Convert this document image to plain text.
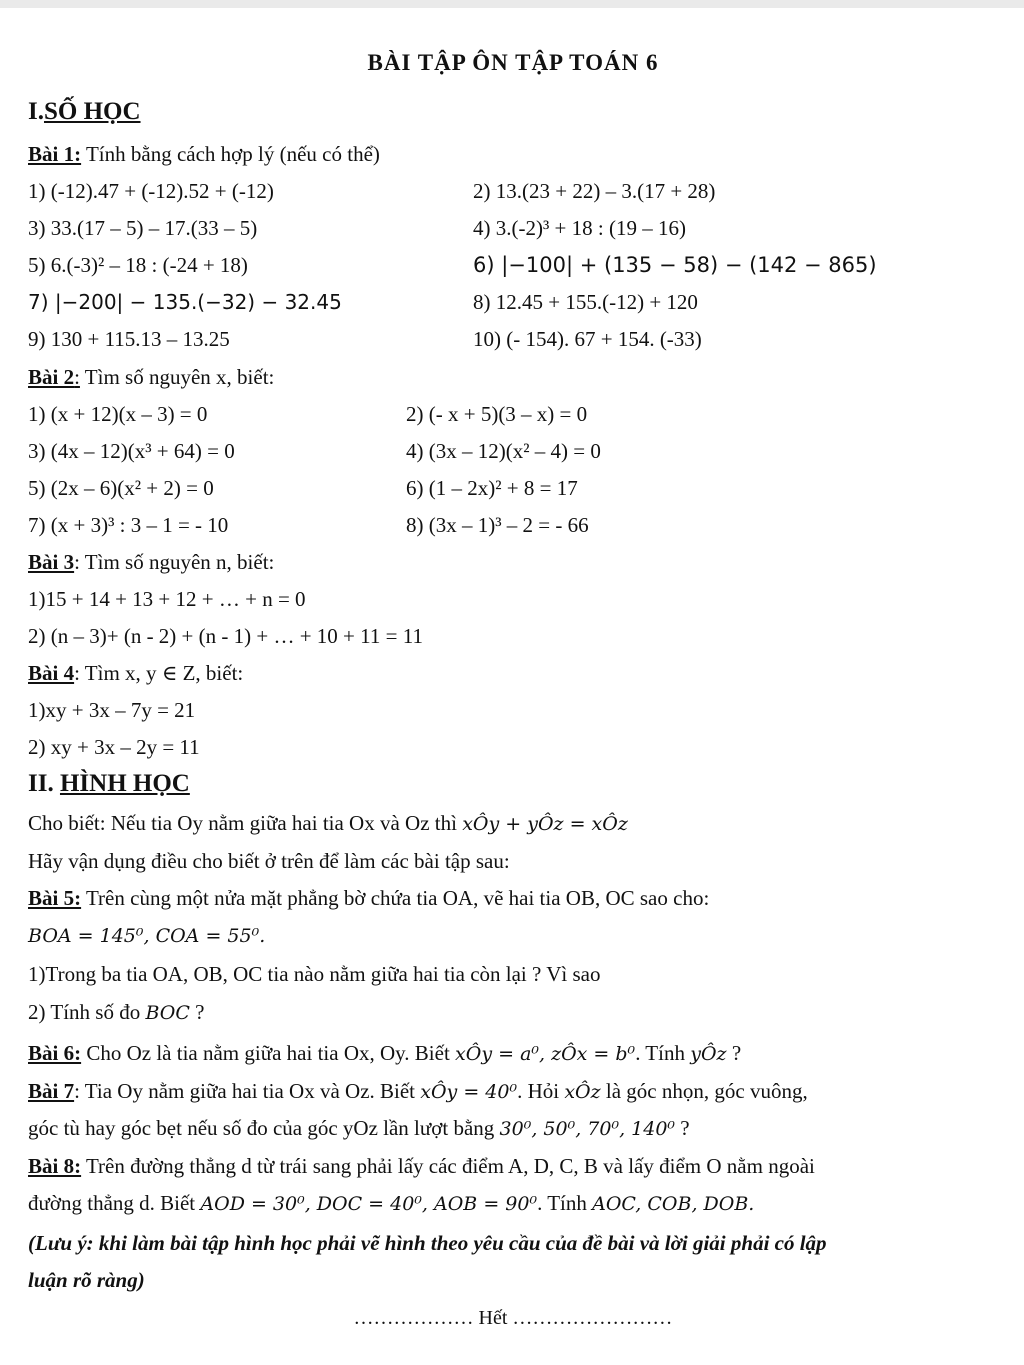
BÀI TẬP ÔN TẬP TOÁN 6
I.SỐ HỌC
Bài 1: Tính bằng cách hợp lý (nếu có thể)
1) (-12).47 + (-12).52 + (-12)	2) 13.(23 + 22) – 3.(17 + 28)
3) 33.(17 – 5) – 17.(33 – 5)	4) 3.(-2)³ + 18 : (19 – 16)
5) 6.(-3)² – 18 : (-24 + 18)	6) |−100| + (135 − 58) − (142 − 865)
7) |−200| − 135.(−32) − 32.45	8) 12.45 + 155.(-12) + 120
9) 130 + 115.13 – 13.25	10) (- 154). 67 + 154. (-33)
Bài 2: Tìm số nguyên x, biết:
1) (x + 12)(x – 3) = 0	2) (- x + 5)(3 – x) = 0
3) (4x – 12)(x³ + 64) = 0	4) (3x – 12)(x² – 4) = 0
5) (2x – 6)(x² + 2) = 0	6) (1 – 2x)² + 8 = 17
7) (x + 3)³ : 3 – 1 = - 10	8) (3x – 1)³ – 2 = - 66
Bài 3: Tìm số nguyên n, biết:
1)15 + 14 + 13 + 12 + … + n = 0
2) (n – 3)+ (n - 2) + (n - 1) + … + 10 + 11 = 11
Bài 4: Tìm x, y ∈ Z, biết:
1)xy + 3x – 7y = 21
2) xy + 3x – 2y = 11
II. HÌNH HỌC
Cho biết: Nếu tia Oy nằm giữa hai tia Ox và Oz thì xÔy + yÔz = xÔz
Hãy vận dụng điều cho biết ở trên để làm các bài tập sau:
Bài 5: Trên cùng một nửa mặt phẳng bờ chứa tia OA, vẽ hai tia OB, OC sao cho:
BOA = 145⁰, COA = 55⁰.
1)Trong ba tia OA, OB, OC tia nào nằm giữa hai tia còn lại ? Vì sao
2) Tính số đo BOC ?
Bài 6: Cho Oz là tia nằm giữa hai tia Ox, Oy. Biết xÔy = a⁰, zÔx = b⁰. Tính yÔz ?
Bài 7: Tia Oy nằm giữa hai tia Ox và Oz. Biết xÔy = 40⁰. Hỏi xÔz là góc nhọn, góc vuông,
góc tù hay góc bẹt nếu số đo của góc yOz lần lượt bằng 30⁰, 50⁰, 70⁰, 140⁰ ?
Bài 8: Trên đường thẳng d từ trái sang phải lấy các điểm A, D, C, B và lấy điểm O nằm ngoài
đường thẳng d. Biết AOD = 30⁰, DOC = 40⁰, AOB = 90⁰. Tính AOC, COB, DOB.
(Lưu ý: khi làm bài tập hình học phải vẽ hình theo yêu cầu của đề bài và lời giải phải có lập
luận rõ ràng)
……………… Hết ……………………
